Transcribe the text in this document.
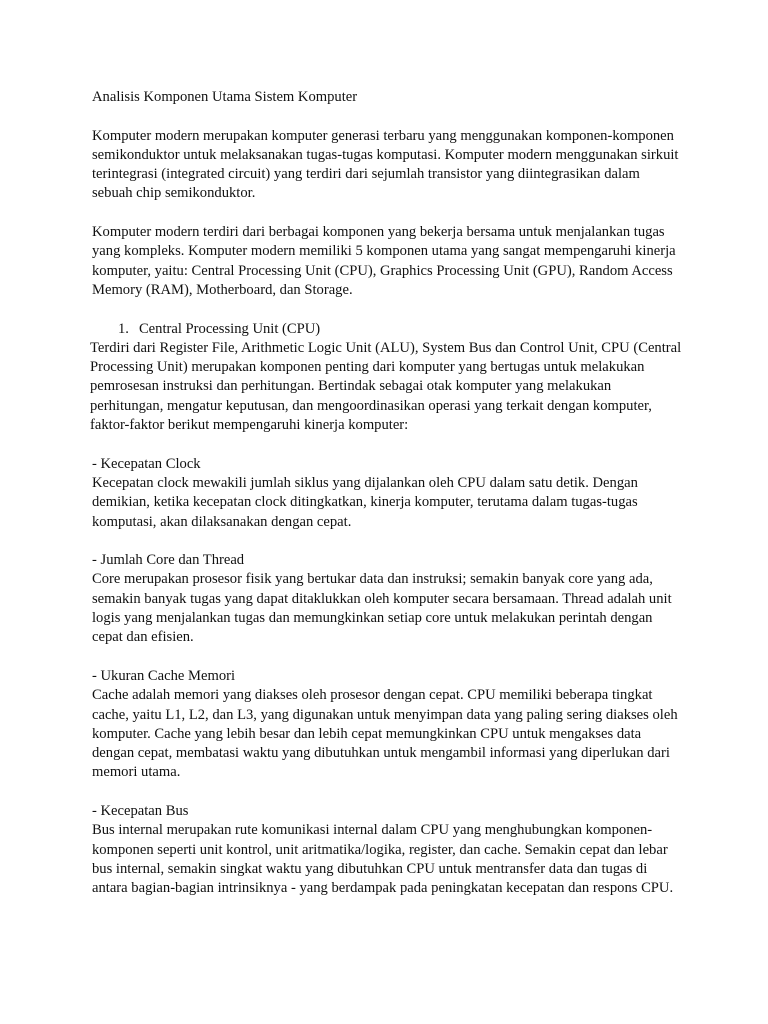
Analisis Komponen Utama Sistem Komputer

Komputer modern merupakan komputer generasi terbaru yang menggunakan komponen-komponen semikonduktor untuk melaksanakan tugas-tugas komputasi. Komputer modern menggunakan sirkuit terintegrasi (integrated circuit) yang terdiri dari sejumlah transistor yang diintegrasikan dalam sebuah chip semikonduktor.

Komputer modern terdiri dari berbagai komponen yang bekerja bersama untuk menjalankan tugas yang kompleks. Komputer modern memiliki 5 komponen utama yang sangat mempengaruhi kinerja komputer, yaitu: Central Processing Unit (CPU), Graphics Processing Unit (GPU), Random Access Memory (RAM), Motherboard, dan Storage.

1. Central Processing Unit (CPU)

Terdiri dari Register File, Arithmetic Logic Unit (ALU), System Bus dan Control Unit, CPU (Central Processing Unit) merupakan komponen penting dari komputer yang bertugas untuk melakukan pemrosesan instruksi dan perhitungan. Bertindak sebagai otak komputer yang melakukan perhitungan, mengatur keputusan, dan mengoordinasikan operasi yang terkait dengan komputer, faktor-faktor berikut mempengaruhi kinerja komputer:

- Kecepatan Clock

Kecepatan clock mewakili jumlah siklus yang dijalankan oleh CPU dalam satu detik. Dengan demikian, ketika kecepatan clock ditingkatkan, kinerja komputer, terutama dalam tugas-tugas komputasi, akan dilaksanakan dengan cepat.

- Jumlah Core dan Thread

Core merupakan prosesor fisik yang bertukar data dan instruksi; semakin banyak core yang ada, semakin banyak tugas yang dapat ditaklukkan oleh komputer secara bersamaan. Thread adalah unit logis yang menjalankan tugas dan memungkinkan setiap core untuk melakukan perintah dengan cepat dan efisien.

- Ukuran Cache Memori

Cache adalah memori yang diakses oleh prosesor dengan cepat. CPU memiliki beberapa tingkat cache, yaitu L1, L2, dan L3, yang digunakan untuk menyimpan data yang paling sering diakses oleh komputer. Cache yang lebih besar dan lebih cepat memungkinkan CPU untuk mengakses data dengan cepat, membatasi waktu yang dibutuhkan untuk mengambil informasi yang diperlukan dari memori utama.

- Kecepatan Bus

Bus internal merupakan rute komunikasi internal dalam CPU yang menghubungkan komponen-komponen seperti unit kontrol, unit aritmatika/logika, register, dan cache. Semakin cepat dan lebar bus internal, semakin singkat waktu yang dibutuhkan CPU untuk mentransfer data dan tugas di antara bagian-bagian intrinsiknya - yang berdampak pada peningkatan kecepatan dan respons CPU.
